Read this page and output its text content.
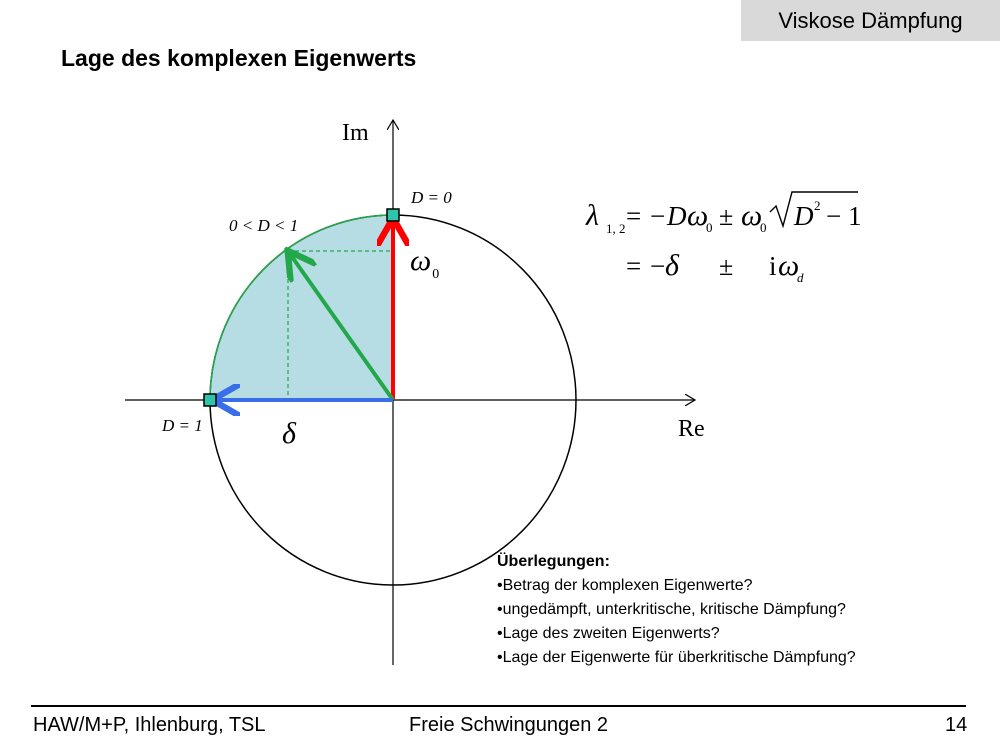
Viskose Dämpfung
Lage des komplexen Eigenwerts
Im
Re
D = 0
0 < D < 1
D = 1
$\omega_0$
δ
λ 1, 2 = − D ω
0 ± ω
0 D 2 − 1
= − δ ± i ω
d
Überlegungen:
•Betrag der komplexen Eigenwerte?
•ungedämpft, unterkritische, kritische Dämpfung?
•Lage des zweiten Eigenwerts?
•Lage der Eigenwerte für überkritische Dämpfung?
HAW/M+P, Ihlenburg, TSL	Freie Schwingungen 2	14
